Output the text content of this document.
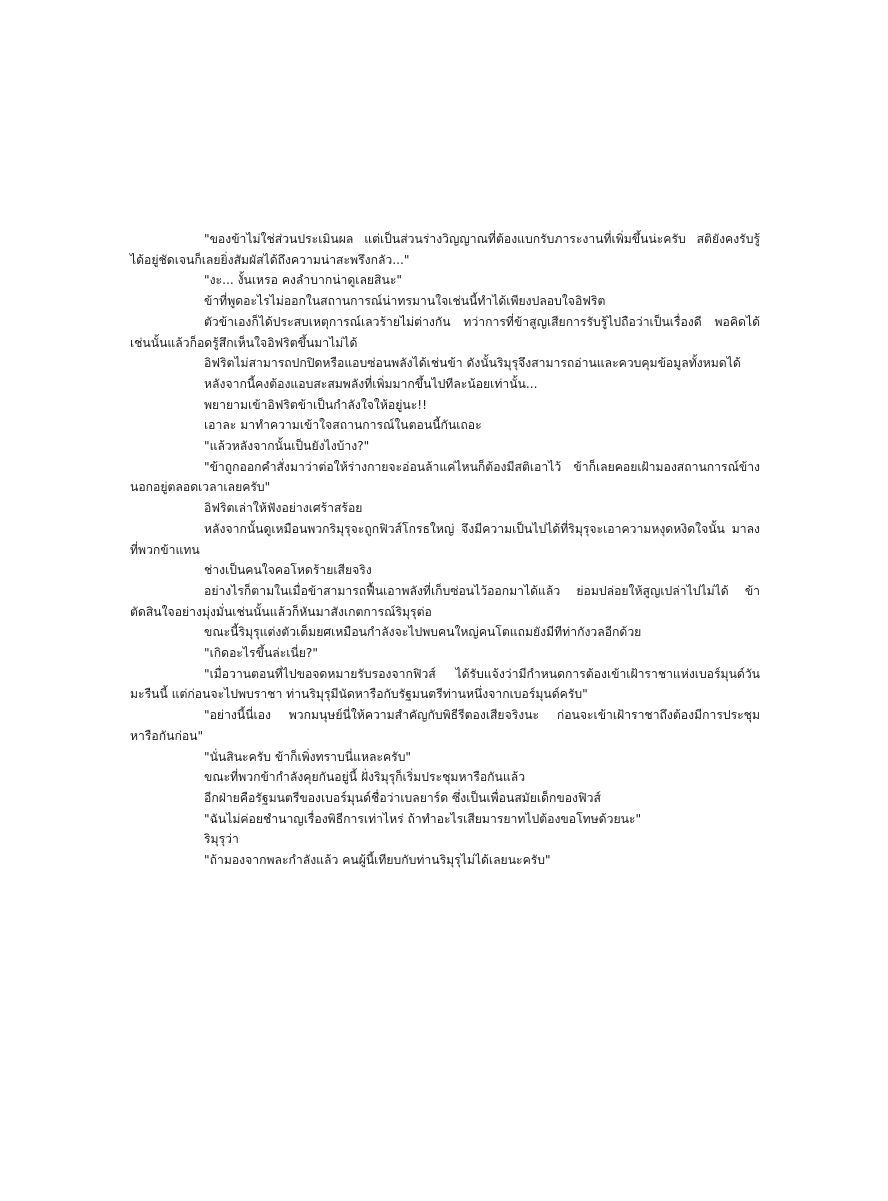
"ของข้าไม่ใช่ส่วนประเมินผล แต่เป็นส่วนร่างวิญญาณที่ต้องแบกรับภาระงานที่เพิ่มขึ้นน่ะครับ สติยังคงรับรู้ได้อยู่ชัดเจนก็เลยยิ่งสัมผัสได้ถึงความน่าสะพรึงกลัว..."

"งะ... งั้นเหรอ คงลำบากน่าดูเลยสินะ"

ข้าที่พูดอะไรไม่ออกในสถานการณ์น่าทรมานใจเช่นนี้ทำได้เพียงปลอบใจอิฟริต

ตัวข้าเองก็ได้ประสบเหตุการณ์เลวร้ายไม่ต่างกัน ทว่าการที่ข้าสูญเสียการรับรู้ไปถือว่าเป็นเรื่องดี พอคิดได้เช่นนั้นแล้วก็อดรู้สึกเห็นใจอิฟริตขึ้นมาไม่ได้

อิฟริตไม่สามารถปกปิดหรือแอบซ่อนพลังได้เช่นข้า ดังนั้นริมุรุจึงสามารถอ่านและควบคุมข้อมูลทั้งหมดได้

หลังจากนี้คงต้องแอบสะสมพลังที่เพิ่มมากขึ้นไปทีละน้อยเท่านั้น...

พยายามเข้าอิฟริตข้าเป็นกำลังใจให้อยู่นะ!!

เอาละ มาทำความเข้าใจสถานการณ์ในตอนนี้กันเถอะ

"แล้วหลังจากนั้นเป็นยังไงบ้าง?"

"ข้าถูกออกคำสั่งมาว่าต่อให้ร่างกายจะอ่อนล้าแค่ไหนก็ต้องมีสติเอาไว้ ข้าก็เลยคอยเฝ้ามองสถานการณ์ข้างนอกอยู่ตลอดเวลาเลยครับ"

อิฟริตเล่าให้ฟังอย่างเศร้าสร้อย

หลังจากนั้นดูเหมือนพวกริมุรุจะถูกฟิวส์โกรธใหญ่ จึงมีความเป็นไปได้ที่ริมุรุจะเอาความหงุดหงิดใจนั้น มาลงที่พวกข้าแทน

ช่างเป็นคนใจคอโหดร้ายเสียจริง

อย่างไรก็ตามในเมื่อข้าสามารถฟื้นเอาพลังที่เก็บซ่อนไว้ออกมาได้แล้ว ย่อมปล่อยให้สูญเปล่าไปไม่ได้ ข้าตัดสินใจอย่างมุ่งมั่นเช่นนั้นแล้วก็หันมาสังเกตการณ์ริมุรุต่อ

ขณะนี้ริมุรุแต่งตัวเต็มยศเหมือนกำลังจะไปพบคนใหญ่คนโตแถมยังมีทีท่ากังวลอีกด้วย

"เกิดอะไรขึ้นล่ะเนี่ย?"

"เมื่อวานตอนที่ไปขอจดหมายรับรองจากฟิวส์ ได้รับแจ้งว่ามีกำหนดการต้องเข้าเฝ้าราชาแห่งเบอร์มุนด์วันมะรืนนี้ แต่ก่อนจะไปพบราชา ท่านริมุรุมีนัดหารือกับรัฐมนตรีท่านหนึ่งจากเบอร์มุนด์ครับ"

"อย่างนี้นี่เอง พวกมนุษย์นี่ให้ความสำคัญกับพิธีรีตองเสียจริงนะ ก่อนจะเข้าเฝ้าราชาถึงต้องมีการประชุมหารือกันก่อน"

"นั่นสินะครับ ข้าก็เพิ่งทราบนี่แหละครับ"

ขณะที่พวกข้ากำลังคุยกันอยู่นี้ ฝั่งริมุรุก็เริ่มประชุมหารือกันแล้ว

อีกฝ่ายคือรัฐมนตรีของเบอร์มุนด์ชื่อว่าเบลยาร์ด ซึ่งเป็นเพื่อนสมัยเด็กของฟิวส์

"ฉันไม่ค่อยชำนาญเรื่องพิธีการเท่าไหร่ ถ้าทำอะไรเสียมารยาทไปต้องขอโทษด้วยนะ"

ริมุรุว่า

"ถ้ามองจากพละกำลังแล้ว คนผู้นี้เทียบกับท่านริมุรุไม่ได้เลยนะครับ"
